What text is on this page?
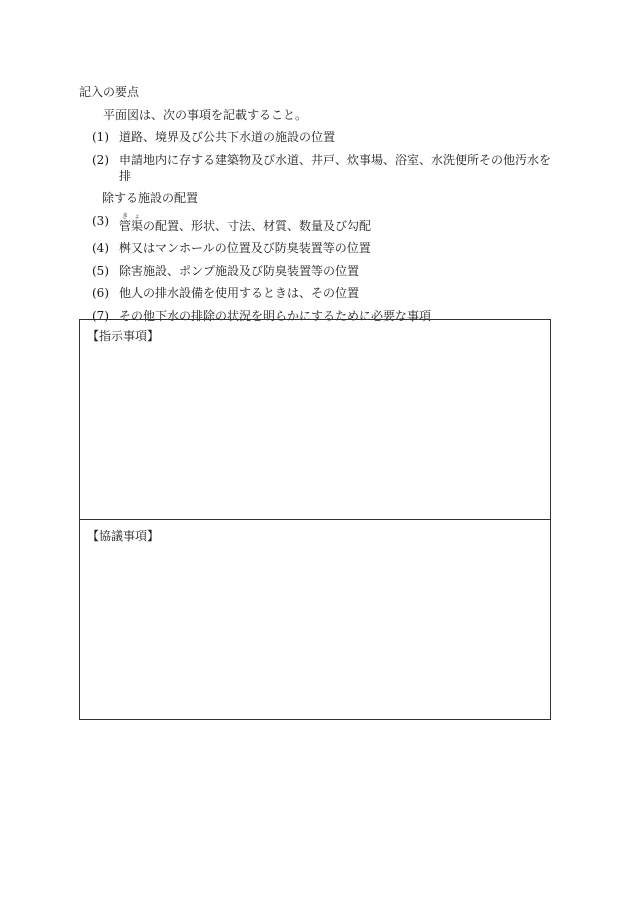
記入の要点
平面図は、次の事項を記載すること。
(1) 道路、境界及び公共下水道の施設の位置
(2) 申請地内に存する建築物及び水道、井戸、炊事場、浴室、水洗便所その他汚水を排
除する施設の配置
(3) 管渠きょの配置、形状、寸法、材質、数量及び勾配
(4) 桝又はマンホールの位置及び防臭装置等の位置
(5) 除害施設、ポンプ施設及び防臭装置等の位置
(6) 他人の排水設備を使用するときは、その位置
(7) その他下水の排除の状況を明らかにするために必要な事項
【指示事項】
【協議事項】
